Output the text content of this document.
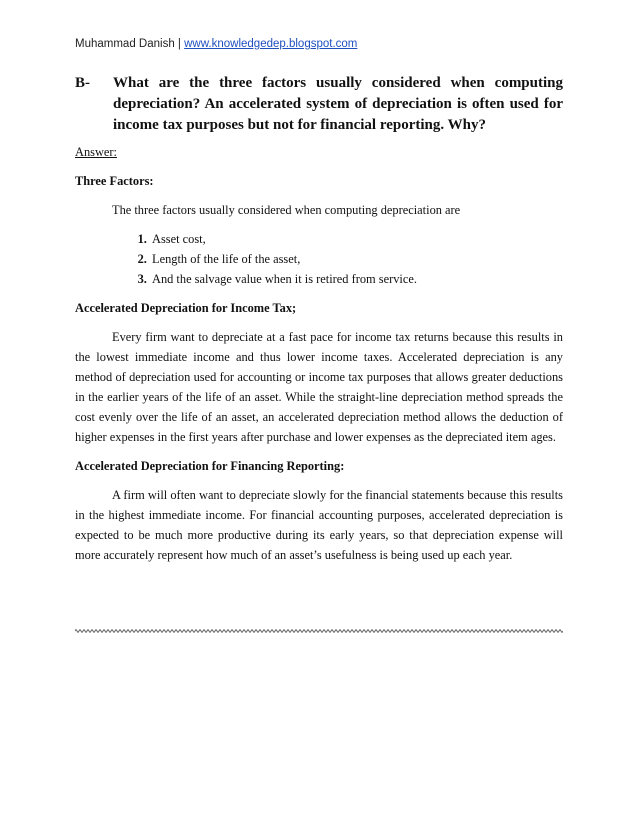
Muhammad Danish | www.knowledgedep.blogspot.com
B- What are the three factors usually considered when computing depreciation? An accelerated system of depreciation is often used for income tax purposes but not for financial reporting. Why?
Answer:
Three Factors:
The three factors usually considered when computing depreciation are
1. Asset cost,
2. Length of the life of the asset,
3. And the salvage value when it is retired from service.
Accelerated Depreciation for Income Tax;

Every firm want to depreciate at a fast pace for income tax returns because this results in the lowest immediate income and thus lower income taxes. Accelerated depreciation is any method of depreciation used for accounting or income tax purposes that allows greater deductions in the earlier years of the life of an asset. While the straight-line depreciation method spreads the cost evenly over the life of an asset, an accelerated depreciation method allows the deduction of higher expenses in the first years after purchase and lower expenses as the depreciated item ages.

Accelerated Depreciation for Financing Reporting:

A firm will often want to depreciate slowly for the financial statements because this results in the highest immediate income. For financial accounting purposes, accelerated depreciation is expected to be much more productive during its early years, so that depreciation expense will more accurately represent how much of an asset’s usefulness is being used up each year.
